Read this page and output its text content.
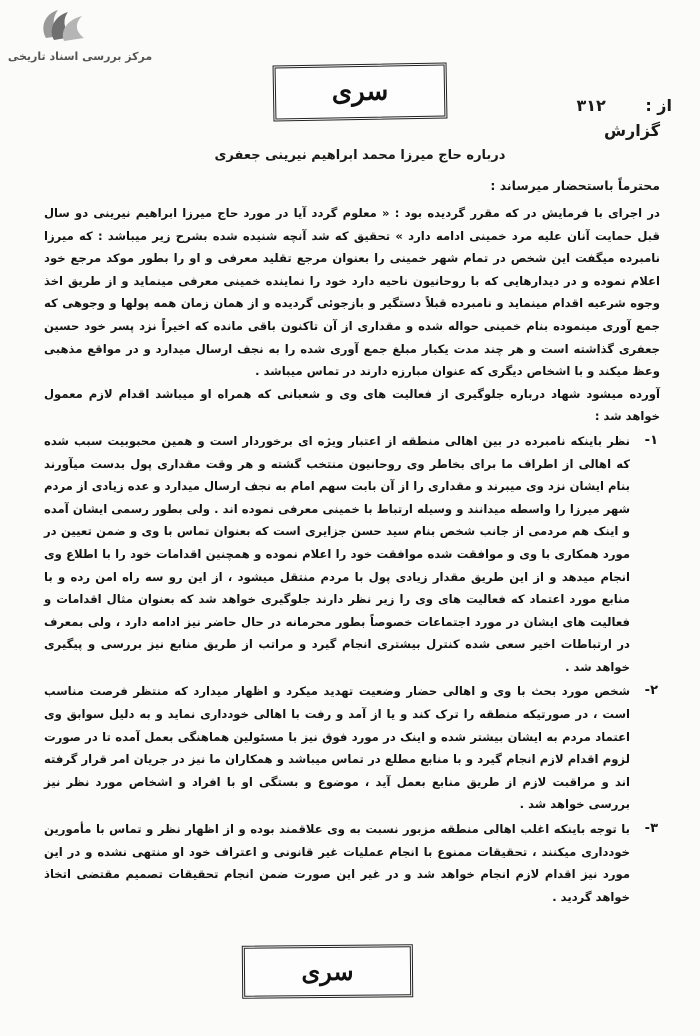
مرکز بررسی اسناد تاریخی
سری	از : ۳۱۲
گزارش
درباره حاج میرزا محمد ابراهیم نیرینی جعفری
محترماً باستحضار میرساند :

در اجرای با فرمایش در که مقرر گردیده بود : « معلوم گردد آیا در مورد حاج میرزا ابراهیم نیرینی دو سال قبل حمایت آنان علیه مرد خمینی ادامه دارد » تحقیق که شد آنچه شنیده شده بشرح زیر میباشد : که میرزا نامبرده میگفت این شخص در تمام شهر خمینی را بعنوان مرجع تقلید معرفی و او را بطور موکد مرجع خود اعلام نموده و در دیدارهایی که با روحانیون ناحیه دارد خود را نماینده خمینی معرفی مینماید و از طریق اخذ وجوه شرعیه اقدام مینماید و نامبرده قبلاً دستگیر و بازجوئی گردیده و از همان زمان همه پولها و وجوهی که جمع آوری مینموده بنام خمینی حواله شده و مقداری از آن تاکنون باقی مانده که اخیراً نزد پسر خود حسین جعفری گذاشته است و هر چند مدت یکبار مبلغ جمع آوری شده را به نجف ارسال میدارد و در مواقع مذهبی وعظ میکند و با اشخاص دیگری که عنوان مبارزه دارند در تماس میباشد .

آورده میشود شهاد درباره جلوگیری از فعالیت های وی و شعبانی که همراه او میباشد اقدام لازم معمول خواهد شد :

۱-

نظر باینکه نامبرده در بین اهالی منطقه از اعتبار ویژه ای برخوردار است و همین محبوبیت سبب شده که اهالی از اطراف ما برای بخاطر وی روحانیون منتخب گشته و هر وقت مقداری پول بدست میآورند بنام ایشان نزد وی میبرند و مقداری را از آن بابت سهم امام به نجف ارسال میدارد و عده زیادی از مردم شهر میرزا را واسطه میدانند و وسیله ارتباط با خمینی معرفی نموده اند . ولی بطور رسمی ایشان آمده و اینک هم مردمی از جانب شخص بنام سید حسن جزایری است که بعنوان تماس با وی و ضمن تعیین در مورد همکاری با وی و موافقت شده موافقت خود را اعلام نموده و همچنین اقدامات خود را با اطلاع وی انجام میدهد و از این طریق مقدار زیادی پول با مردم منتقل میشود ، از این رو سه راه امن رده و با منابع مورد اعتماد که فعالیت های وی را زیر نظر دارند جلوگیری خواهد شد که بعنوان مثال اقدامات و فعالیت های ایشان در مورد اجتماعات خصوصاً بطور محرمانه در حال حاضر نیز ادامه دارد ، ولی بمعرف در ارتباطات اخیر سعی شده کنترل بیشتری انجام گیرد و مراتب از طریق منابع نیز بررسی و پیگیری خواهد شد .

۲-

شخص مورد بحث با وی و اهالی حضار وضعیت تهدید میکرد و اظهار میدارد که منتظر فرصت مناسب است ، در صورتیکه منطقه را ترک کند و یا از آمد و رفت با اهالی خودداری نماید و به دلیل سوابق وی اعتماد مردم به ایشان بیشتر شده و اینک در مورد فوق نیز با مسئولین هماهنگی بعمل آمده تا در صورت لزوم اقدام لازم انجام گیرد و با منابع مطلع در تماس میباشد و همکاران ما نیز در جریان امر قرار گرفته اند و مراقبت لازم از طریق منابع بعمل آید ، موضوع و بستگی او با افراد و اشخاص مورد نظر نیز بررسی خواهد شد .

۳-

با توجه باینکه اغلب اهالی منطقه مزبور نسبت به وی علاقمند بوده و از اظهار نظر و تماس با مأمورین خودداری میکنند ، تحقیقات ممنوع با انجام عملیات غیر قانونی و اعتراف خود او منتهی نشده و در این مورد نیز اقدام لازم انجام خواهد شد و در غیر این صورت ضمن انجام تحقیقات تصمیم مقتضی اتخاذ خواهد گردید .

سری
